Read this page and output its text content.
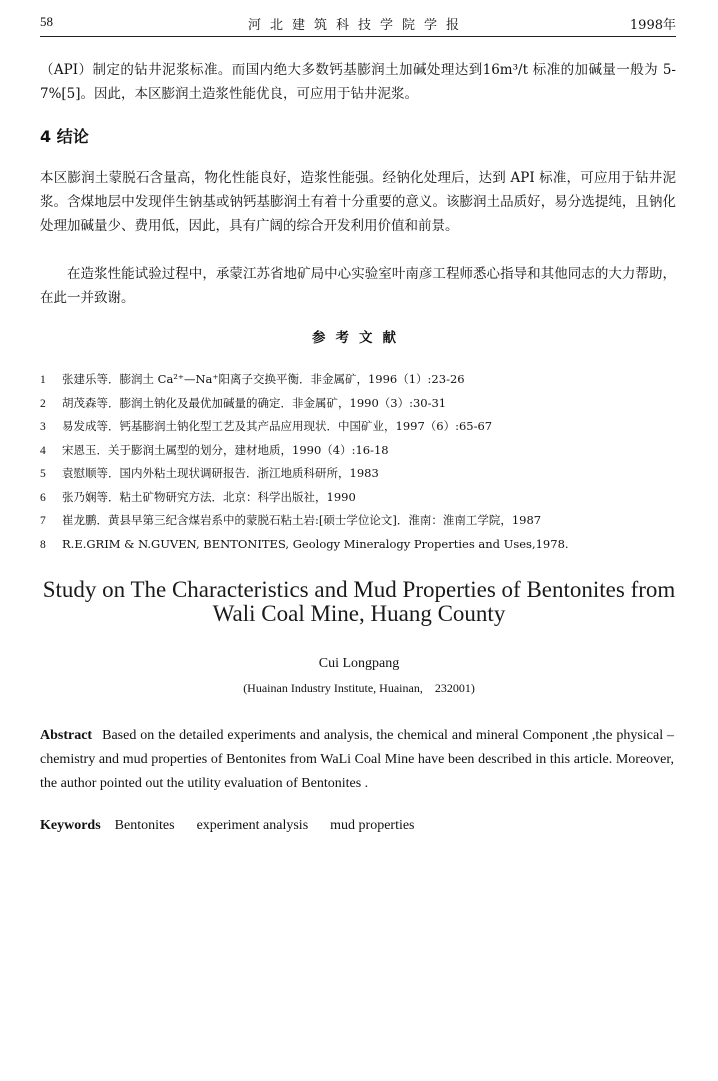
58	河北建筑科技学院学报	1998年
（API）制定的钻井泥浆标准。而国内绝大多数钙基膨润土加碱处理达到16m³/t 标准的加碱量一般为 5-7%[5]。因此，本区膨润土造浆性能优良，可应用于钻井泥浆。
4 结论
本区膨润土蒙脱石含量高，物化性能良好，造浆性能强。经钠化处理后，达到 API 标准，可应用于钻井泥浆。含煤地层中发现伴生钠基或钠钙基膨润土有着十分重要的意义。该膨润土品质好，易分选提纯，且钠化处理加碱量少、费用低，因此，具有广阔的综合开发利用价值和前景。
在造浆性能试验过程中，承蒙江苏省地矿局中心实验室叶南彦工程师悉心指导和其他同志的大力帮助，在此一并致谢。
参考文献
1 张建乐等．膨润土 Ca²⁺—Na⁺阳离子交换平衡．非金属矿，1996（1）:23-26
2 胡茂森等．膨润土钠化及最优加碱量的确定．非金属矿，1990（3）:30-31
3 易发成等．钙基膨润土钠化型工艺及其产品应用现状．中国矿业，1997（6）:65-67
4 宋恩玉．关于膨润土属型的划分，建材地质，1990（4）:16-18
5 袁慰顺等．国内外粘土现状调研报告．浙江地质科研所，1983
6 张乃娴等．粘土矿物研究方法．北京：科学出版社，1990
7 崔龙鹏．黄县早第三纪含煤岩系中的蒙脱石粘土岩:[硕士学位论文]．淮南：淮南工学院，1987
8 R.E.GRIM & N.GUVEN, BENTONITES, Geology Mineralogy Properties and Uses,1978.
Study on The Characteristics and Mud Properties of Bentonites from
Wali Coal Mine, Huang County
Cui Longpang
(Huainan Industry Institute, Huainan,    232001)
Abstract Based on the detailed experiments and analysis, the chemical and mineral Component ,the physical –chemistry and mud properties of Bentonites from WaLi Coal Mine have been described in this article. Moreover, the author pointed out the utility evaluation of Bentonites .
Keywords Bentonites experiment analysis mud properties
